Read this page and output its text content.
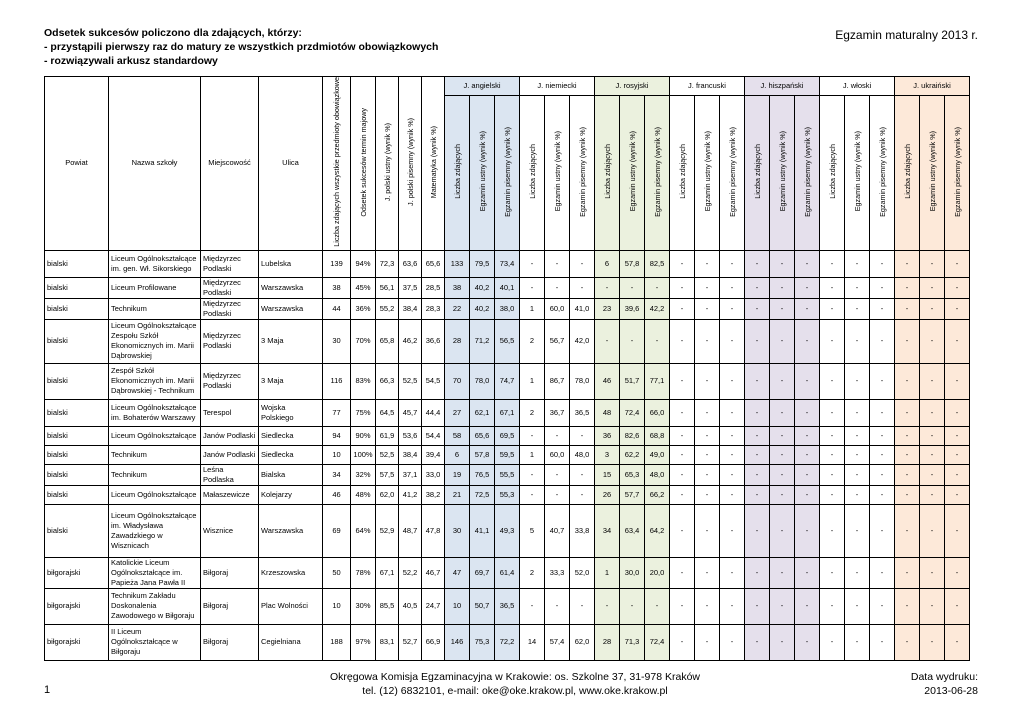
Odsetek sukcesów policzono dla zdających, którzy:
- przystąpili pierwszy raz do matury ze wszystkich przdmiotów obowiązkowych
- rozwiązywali arkusz standardowy
Egzamin maturalny 2013 r.
Powiat	Nazwa szkoły	Miejscowość	Ulica	Liczba zdających wszystkie przedmioty obowiązkowe	Odsetek sukcesów termin majowy	J. polski ustny (wynik %)	J. polski pisemny (wynik %)	Matematyka (wynik %)	J. angielski			J. niemiecki			J. rosyjski			J. francuski			J. hiszpański			J. włoski			J. ukraiński		
									Liczba zdających	Egzamin ustny (wynik %)	Egzamin pisemny (wynik %)	Liczba zdających	Egzamin ustny (wynik %)	Egzamin pisemny (wynik %)	Liczba zdających	Egzamin ustny (wynik %)	Egzamin pisemny (wynik %)	Liczba zdających	Egzamin ustny (wynik %)	Egzamin pisemny (wynik %)	Liczba zdających	Egzamin ustny (wynik %)	Egzamin pisemny (wynik %)	Liczba zdających	Egzamin ustny (wynik %)	Egzamin pisemny (wynik %)	Liczba zdających	Egzamin ustny (wynik %)	Egzamin pisemny (wynik %)
bialski	Liceum Ogólnokształcące im. gen. Wł. Sikorskiego	Międzyrzec Podlaski	Lubelska	139	94%	72,3	63,6	65,6	133	79,5	73,4	-	-	-	6	57,8	82,5	-	-	-	-	-	-	-	-	-	-	-	-
bialski	Liceum Profilowane	Międzyrzec Podlaski	Warszawska	38	45%	56,1	37,5	28,5	38	40,2	40,1	-	-	-	-	-	-	-	-	-	-	-	-	-	-	-	-	-	-
bialski	Technikum	Międzyrzec Podlaski	Warszawska	44	36%	55,2	38,4	28,3	22	40,2	38,0	1	60,0	41,0	23	39,6	42,2	-	-	-	-	-	-	-	-	-	-	-	-
bialski	Liceum Ogólnokształcące Zespołu Szkół Ekonomicznych im. Marii Dąbrowskiej	Międzyrzec Podlaski	3 Maja	30	70%	65,8	46,2	36,6	28	71,2	56,5	2	56,7	42,0	-	-	-	-	-	-	-	-	-	-	-	-	-	-	-
bialski	Zespół Szkół Ekonomicznych im. Marii Dąbrowskiej - Technikum	Międzyrzec Podlaski	3 Maja	116	83%	66,3	52,5	54,5	70	78,0	74,7	1	86,7	78,0	46	51,7	77,1	-	-	-	-	-	-	-	-	-	-	-	-
bialski	Liceum Ogólnokształcące im. Bohaterów Warszawy	Terespol	Wojska Polskiego	77	75%	64,5	45,7	44,4	27	62,1	67,1	2	36,7	36,5	48	72,4	66,0	-	-	-	-	-	-	-	-	-	-	-	-
bialski	Liceum Ogólnokształcące	Janów Podlaski	Siedlecka	94	90%	61,9	53,6	54,4	58	65,6	69,5	-	-	-	36	82,6	68,8	-	-	-	-	-	-	-	-	-	-	-	-
bialski	Technikum	Janów Podlaski	Siedlecka	10	100%	52,5	38,4	39,4	6	57,8	59,5	1	60,0	48,0	3	62,2	49,0	-	-	-	-	-	-	-	-	-	-	-	-
bialski	Technikum	Leśna Podlaska	Bialska	34	32%	57,5	37,1	33,0	19	76,5	55,5	-	-	-	15	65,3	48,0	-	-	-	-	-	-	-	-	-	-	-	-
bialski	Liceum Ogólnokształcące	Małaszewicze	Kolejarzy	46	48%	62,0	41,2	38,2	21	72,5	55,3	-	-	-	26	57,7	66,2	-	-	-	-	-	-	-	-	-	-	-	-
bialski	Liceum Ogólnokształcące im. Władysława Zawadzkiego w Wisznicach	Wisznice	Warszawska	69	64%	52,9	48,7	47,8	30	41,1	49,3	5	40,7	33,8	34	63,4	64,2	-	-	-	-	-	-	-	-	-	-	-	-
biłgorajski	Katolickie Liceum Ogólnokształcące im. Papieża Jana Pawła II	Biłgoraj	Krzeszowska	50	78%	67,1	52,2	46,7	47	69,7	61,4	2	33,3	52,0	1	30,0	20,0	-	-	-	-	-	-	-	-	-	-	-	-
biłgorajski	Technikum Zakładu Doskonalenia Zawodowego w Biłgoraju	Biłgoraj	Plac Wolności	10	30%	85,5	40,5	24,7	10	50,7	36,5	-	-	-	-	-	-	-	-	-	-	-	-	-	-	-	-	-	-
biłgorajski	II Liceum Ogólnokształcące w Biłgoraju	Biłgoraj	Cegielniana	188	97%	83,1	52,7	66,9	146	75,3	72,2	14	57,4	62,0	28	71,3	72,4	-	-	-	-	-	-	-	-	-	-	-	-
1
Okręgowa Komisja Egzaminacyjna w Krakowie: os. Szkolne 37, 31-978 Kraków
tel. (12) 6832101, e-mail: oke@oke.krakow.pl, www.oke.krakow.pl
Data wydruku:
2013-06-28
